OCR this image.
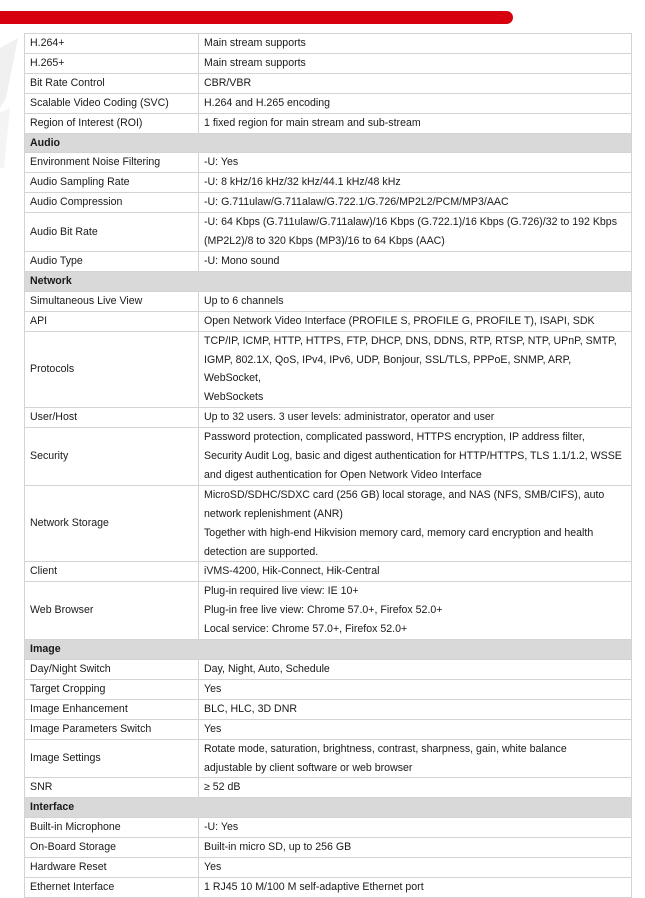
H.264+	Main stream supports

H.265+	Main stream supports

Bit Rate Control	CBR/VBR

Scalable Video Coding (SVC)	H.264 and H.265 encoding

Region of Interest (ROI)	1 fixed region for main stream and sub-stream

Audio	
Environment Noise Filtering	-U: Yes

Audio Sampling Rate	-U: 8 kHz/16 kHz/32 kHz/44.1 kHz/48 kHz

Audio Compression	-U: G.711ulaw/G.711alaw/G.722.1/G.726/MP2L2/PCM/MP3/AAC

Audio Bit Rate	-U: 64 Kbps (G.711ulaw/G.711alaw)/16 Kbps (G.722.1)/16 Kbps (G.726)/32 to 192 Kbps
(MP2L2)/8 to 320 Kbps (MP3)/16 to 64 Kbps (AAC)

Audio Type	-U: Mono sound

Network	
Simultaneous Live View	Up to 6 channels

API	Open Network Video Interface (PROFILE S, PROFILE G, PROFILE T), ISAPI, SDK

Protocols	TCP/IP, ICMP, HTTP, HTTPS, FTP, DHCP, DNS, DDNS, RTP, RTSP, NTP, UPnP, SMTP,
IGMP, 802.1X, QoS, IPv4, IPv6, UDP, Bonjour, SSL/TLS, PPPoE, SNMP, ARP, WebSocket,
WebSockets

User/Host	Up to 32 users. 3 user levels: administrator, operator and user

Security	Password protection, complicated password, HTTPS encryption, IP address filter,
Security Audit Log, basic and digest authentication for HTTP/HTTPS, TLS 1.1/1.2, WSSE
and digest authentication for Open Network Video Interface

Network Storage	MicroSD/SDHC/SDXC card (256 GB) local storage, and NAS (NFS, SMB/CIFS), auto
network replenishment (ANR)
Together with high-end Hikvision memory card, memory card encryption and health
detection are supported.

Client	iVMS-4200, Hik-Connect, Hik-Central

Web Browser	Plug-in required live view: IE 10+
Plug-in free live view: Chrome 57.0+, Firefox 52.0+
Local service: Chrome 57.0+, Firefox 52.0+

Image	
Day/Night Switch	Day, Night, Auto, Schedule

Target Cropping	Yes

Image Enhancement	BLC, HLC, 3D DNR

Image Parameters Switch	Yes

Image Settings	Rotate mode, saturation, brightness, contrast, sharpness, gain, white balance
adjustable by client software or web browser

SNR	≥ 52 dB

Interface	
Built-in Microphone	-U: Yes

On-Board Storage	Built-in micro SD, up to 256 GB

Hardware Reset	Yes

Ethernet Interface	1 RJ45 10 M/100 M self-adaptive Ethernet port
